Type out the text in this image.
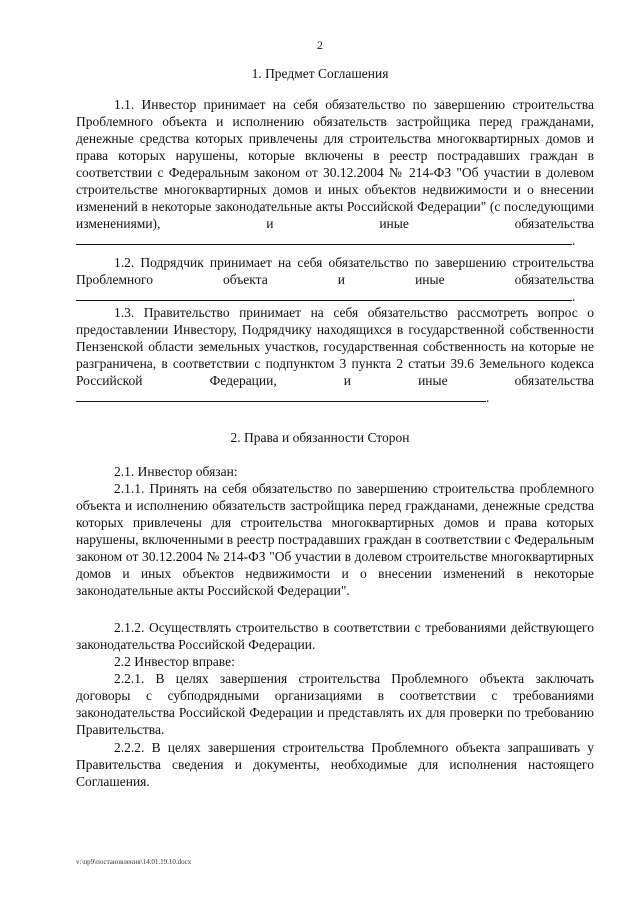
2
1. Предмет Соглашения

1.1. Инвестор принимает на себя обязательство по завершению строительства Проблемного объекта и исполнению обязательств застройщика перед гражданами, денежные средства которых привлечены для строительства многоквартирных домов и права которых нарушены, которые включены в реестр пострадавших граждан в соответствии с Федеральным законом от 30.12.2004 № 214-ФЗ "Об участии в долевом строительстве многоквартирных домов и иных объектов недвижимости и о внесении изменений в некоторые законодательные акты Российской Федерации" (с последующими изменениями), и иные обязательства .

1.2. Подрядчик принимает на себя обязательство по завершению строительства Проблемного объекта и иные обязательства .

1.3. Правительство принимает на себя обязательство рассмотреть вопрос о предоставлении Инвестору, Подрядчику находящихся в государственной собственности Пензенской области земельных участков, государственная собственность на которые не разграничена, в соответствии с подпунктом 3 пункта 2 статьи 39.6 Земельного кодекса Российской Федерации, и иные обязательства .

2. Права и обязанности Сторон

2.1. Инвестор обязан:

2.1.1. Принять на себя обязательство по завершению строительства проблемного объекта и исполнению обязательств застройщика перед гражданами, денежные средства которых привлечены для строительства многоквартирных домов и права которых нарушены, включенными в реестр пострадавших граждан в соответствии с Федеральным законом от 30.12.2004 № 214-ФЗ "Об участии в долевом строительстве многоквартирных домов и иных объектов недвижимости и о внесении изменений в некоторые законодательные акты Российской Федерации".

2.1.2. Осуществлять строительство в соответствии с требованиями действующего законодательства Российской Федерации.

2.2 Инвестор вправе:

2.2.1. В целях завершения строительства Проблемного объекта заключать договоры с субподрядными организациями в соответствии с требованиями законодательства Российской Федерации и представлять их для проверки по требованию Правительства.

2.2.2. В целях завершения строительства Проблемного объекта запрашивать у Правительства сведения и документы, необходимые для исполнения настоящего Соглашения.

v:\пр9\постановления\14.01.19.10.docx
